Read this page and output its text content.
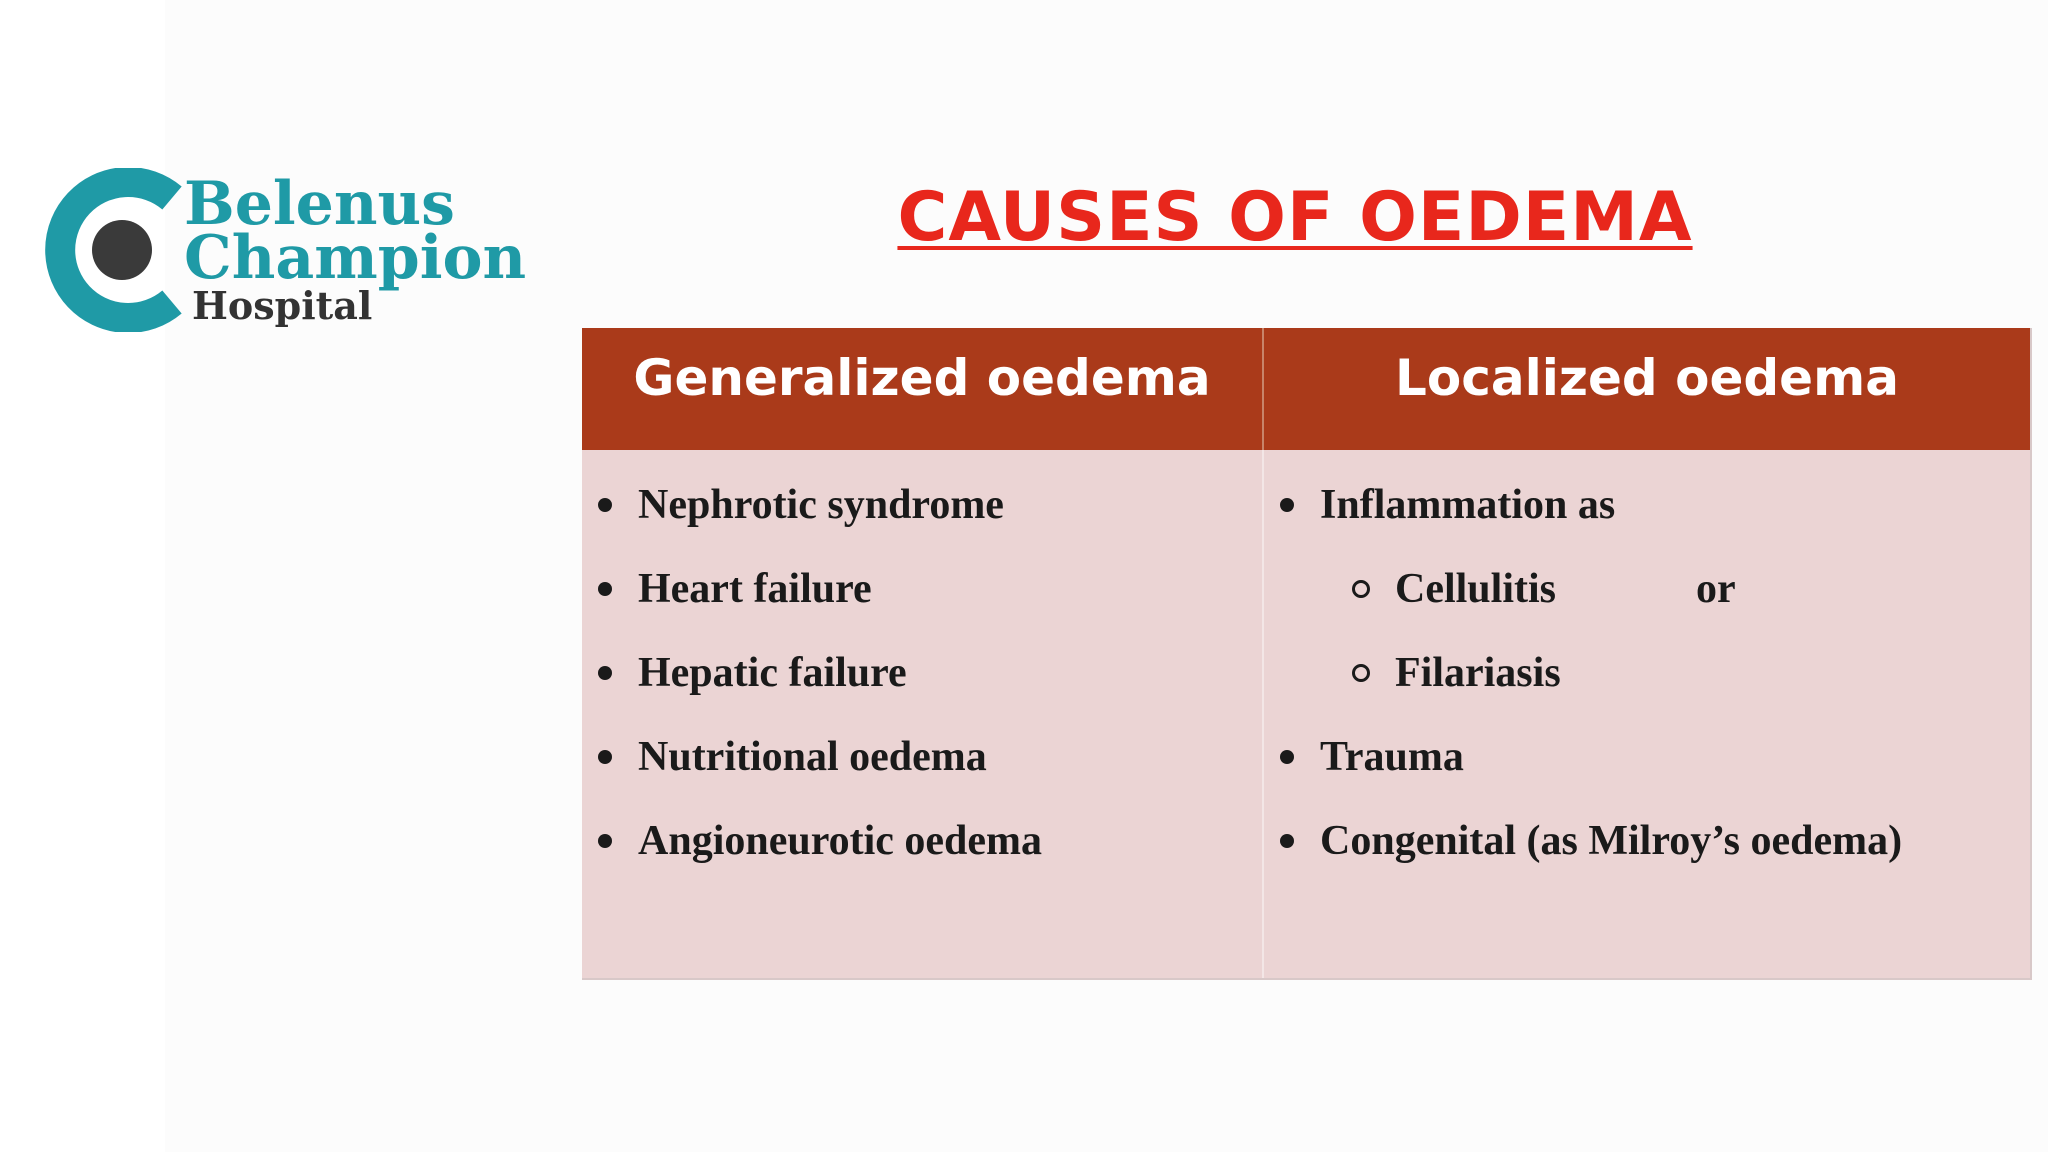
Belenus
Champion
Hospital
CAUSES OF OEDEMA
Generalized oedema	Localized oedema
Nephrotic syndrome
Heart failure
Hepatic failure
Nutritional oedema
Angioneurotic oedema
Inflammation as
Cellulitis	or
Filariasis
Trauma
Congenital (as Milroy’s oedema)
